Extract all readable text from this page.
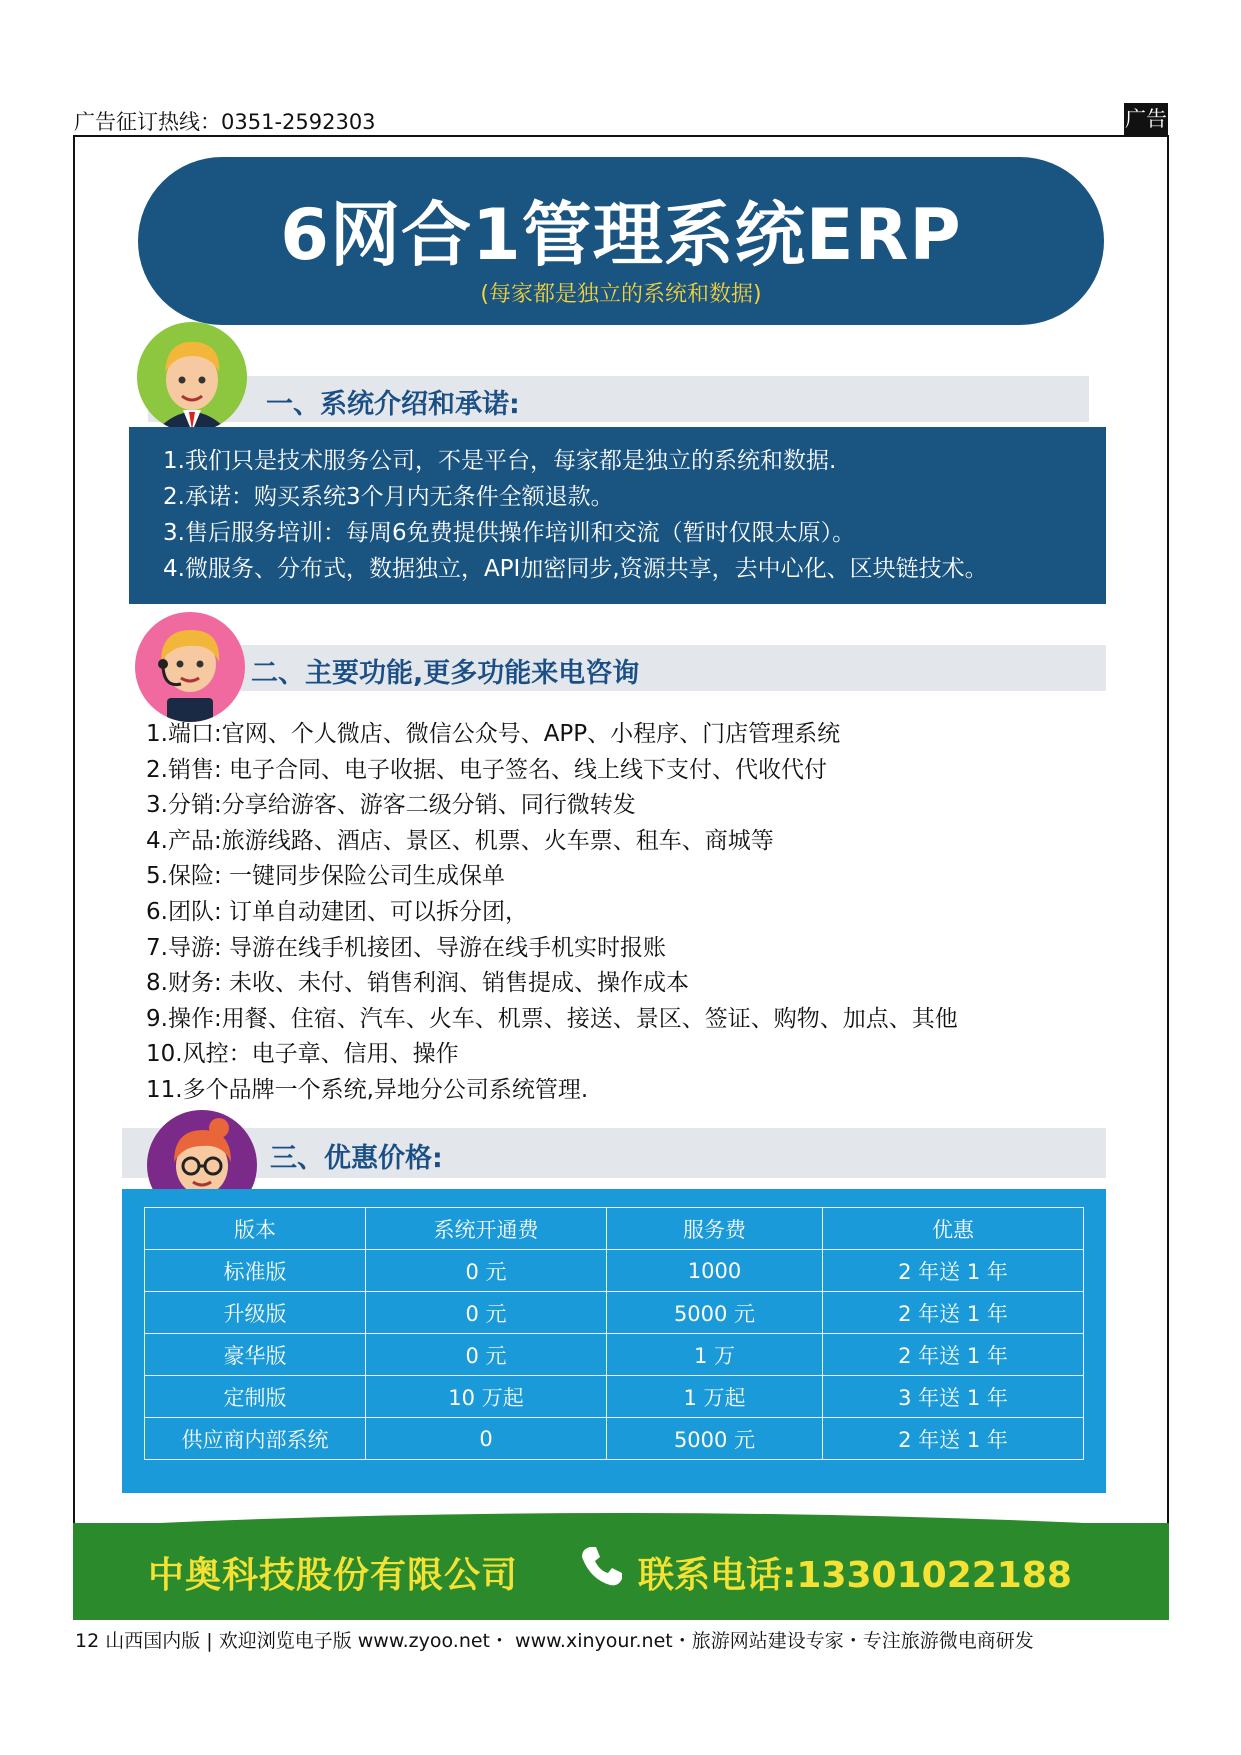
广告征订热线：0351-2592303	广告
6网合1管理系统ERP
(每家都是独立的系统和数据)
一、系统介绍和承诺:

1.我们只是技术服务公司，不是平台，每家都是独立的系统和数据.

2.承诺：购买系统3个月内无条件全额退款。

3.售后服务培训：每周6免费提供操作培训和交流（暂时仅限太原）。

4.微服务、分布式，数据独立，API加密同步,资源共享，去中心化、区块链技术。

二、主要功能,更多功能来电咨询

1.端口:官网、个人微店、微信公众号、APP、小程序、门店管理系统

2.销售: 电子合同、电子收据、电子签名、线上线下支付、代收代付

3.分销:分享给游客、游客二级分销、同行微转发

4.产品:旅游线路、酒店、景区、机票、火车票、租车、商城等

5.保险: 一键同步保险公司生成保单

6.团队: 订单自动建团、可以拆分团，

7.导游: 导游在线手机接团、导游在线手机实时报账

8.财务: 未收、未付、销售利润、销售提成、操作成本

9.操作:用餐、住宿、汽车、火车、机票、接送、景区、签证、购物、加点、其他

10.风控：电子章、信用、操作

11.多个品牌一个系统,异地分公司系统管理.

三、优惠价格:
版本	系统开通费	服务费	优惠
标准版	0 元	1000	2 年送 1 年
升级版	0 元	5000 元	2 年送 1 年
豪华版	0 元	1 万	2 年送 1 年
定制版	10 万起	1 万起	3 年送 1 年
供应商内部系统	0	5000 元	2 年送 1 年
中奥科技股份有限公司	联系电话:13301022188
12 山西国内版 | 欢迎浏览电子版 www.zyoo.net・ www.xinyour.net・旅游网站建设专家・专注旅游微电商研发
